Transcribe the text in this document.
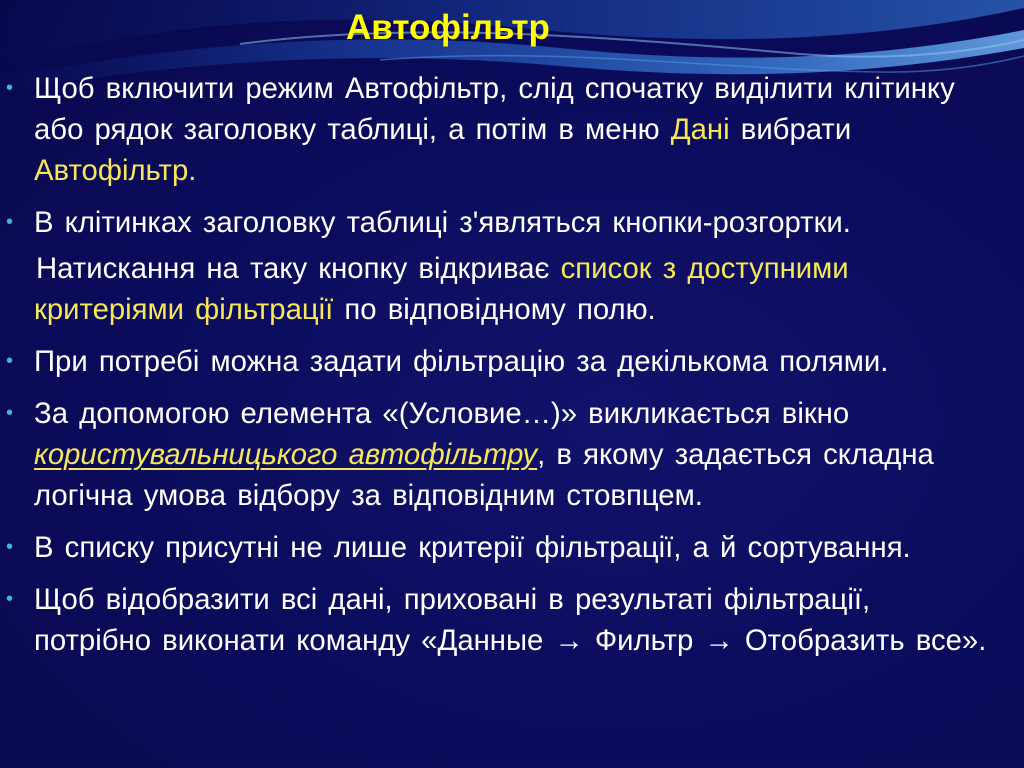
Автофільтр

• Щоб включити режим Автофільтр, слід спочатку виділити клітинку або рядок заголовку таблиці, а потім в меню Дані вибрати Автофільтр.

• В клітинках заголовку таблиці з'являться кнопки-розгортки.

Натискання на таку кнопку відкриває список з доступними критеріями фільтрації по відповідному полю.

• При потребі можна задати фільтрацію за декількома полями.

• За допомогою елемента «(Условие…)» викликається вікно користувальницького автофільтру, в якому задається складна логічна умова відбору за відповідним стовпцем.

• В списку присутні не лише критерії фільтрації, а й сортування.

• Щоб відобразити всі дані, приховані в результаті фільтрації, потрібно виконати команду «Данные → Фильтр → Отобразить все».
